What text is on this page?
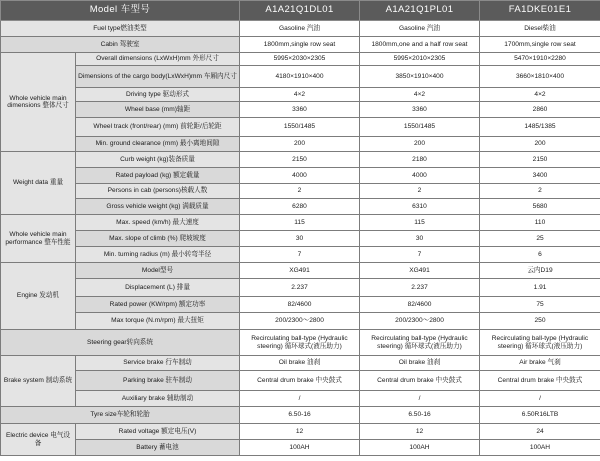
Model 车型号		A1A21Q1DL01	A1A21Q1PL01	FA1DKE01E1
Fuel type燃油类型		Gasoline 汽油	Gasoline 汽油	Diesel柴油
Cabin 驾驶室		1800mm,single row seat	1800mm,one and a half row seat	1700mm,single row seat
Whole vehicle main dimensions 整体尺寸	Overall dimensions (LxWxH)mm 外形尺寸	5995×2030×2305	5995×2010×2305	5470×1910×2280
	Dimensions of the cargo body(LxWxH)mm 车厢内尺寸	4180×1910×400	3850×1910×400	3660×1810×400
	Driving type 驱动形式	4×2	4×2	4×2
	Wheel base (mm)轴距	3360	3360	2860
	Wheel track (front/rear) (mm) 前轮距/后轮距	1550/1485	1550/1485	1485/1385
	Min. ground clearance (mm) 最小离地间隙	200	200	200
Weight data 重量	Curb weight (kg)装备质量	2150	2180	2150
	Rated payload (kg) 额定载量	4000	4000	3400
	Persons in cab (persons)核载人数	2	2	2
	Gross vehicle weight (kg) 满载质量	6280	6310	5680
Whole vehicle main performance 整车性能	Max. speed (km/h) 最大速度	115	115	110
	Max. slope of climb (%) 爬坡坡度	30	30	25
	Min. turning radius (m) 最小转弯半径	7	7	6
Engine 发动机	Model型号	XG491	XG491	云内D19
	Displacement (L) 排量	2.237	2.237	1.91
	Rated power (KW/rpm) 额定功率	82/4600	82/4600	75
	Max torque (N.m/rpm) 最大扭矩	200/2300～2800	200/2300～2800	250
Steering gear转向系统		Recirculating ball-type (Hydraulic steering) 循环球式(液压助力)	Recirculating ball-type (Hydraulic steering) 循环球式(液压助力)	Recirculating ball-type (Hydraulic steering) 循环球式(液压助力)
Brake system 制动系统	Service brake 行车制动	Oil brake 油刹	Oil brake 油刹	Air brake 气刹
	Parking brake 驻车制动	Central drum brake 中央鼓式	Central drum brake 中央鼓式	Central drum brake 中央鼓式
	Auxiliary brake 辅助制动	/	/	/
Tyre size车轮和轮胎		6.50-16	6.50-16	6.50R16LTB
Electric device 电气设备	Rated voltage 额定电压(V)	12	12	24
	Battery 蓄电池	100AH	100AH	100AH
